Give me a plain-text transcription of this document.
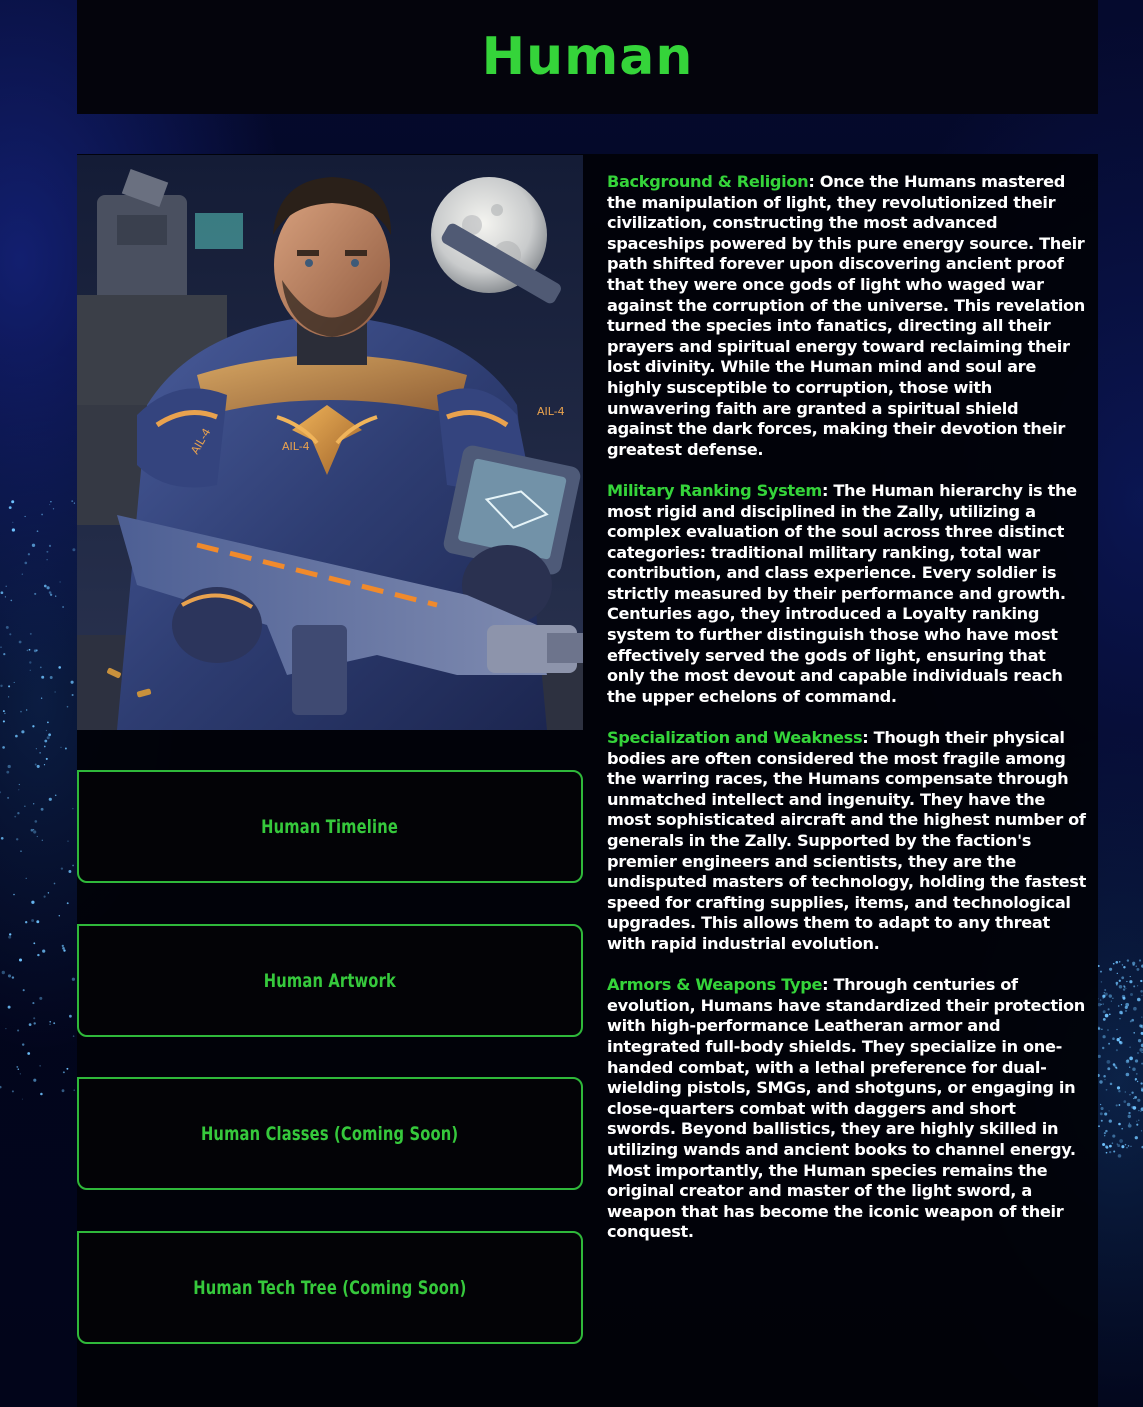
Human
AIL-4	AIL-4
AIL-4
Human Timeline
Human Artwork
Human Classes (Coming Soon)
Human Tech Tree (Coming Soon)

Background & Religion: Once the Humans mastered the manipulation of light, they revolutionized their civilization, constructing the most advanced spaceships powered by this pure energy source. Their path shifted forever upon discovering ancient proof that they were once gods of light who waged war against the corruption of the universe. This revelation turned the species into fanatics, directing all their prayers and spiritual energy toward reclaiming their lost divinity. While the Human mind and soul are highly susceptible to corruption, those with unwavering faith are granted a spiritual shield against the dark forces, making their devotion their greatest defense.

Military Ranking System: The Human hierarchy is the most rigid and disciplined in the Zally, utilizing a complex evaluation of the soul across three distinct categories: traditional military ranking, total war contribution, and class experience. Every soldier is strictly measured by their performance and growth. Centuries ago, they introduced a Loyalty ranking system to further distinguish those who have most effectively served the gods of light, ensuring that only the most devout and capable individuals reach the upper echelons of command.

Specialization and Weakness: Though their physical bodies are often considered the most fragile among the warring races, the Humans compensate through unmatched intellect and ingenuity. They have the most sophisticated aircraft and the highest number of generals in the Zally. Supported by the faction's premier engineers and scientists, they are the undisputed masters of technology, holding the fastest speed for crafting supplies, items, and technological upgrades. This allows them to adapt to any threat with rapid industrial evolution.

Armors & Weapons Type: Through centuries of evolution, Humans have standardized their protection with high-performance Leatheran armor and integrated full-body shields. They specialize in one-handed combat, with a lethal preference for dual-wielding pistols, SMGs, and shotguns, or engaging in close-quarters combat with daggers and short swords. Beyond ballistics, they are highly skilled in utilizing wands and ancient books to channel energy. Most importantly, the Human species remains the original creator and master of the light sword, a weapon that has become the iconic weapon of their conquest.
